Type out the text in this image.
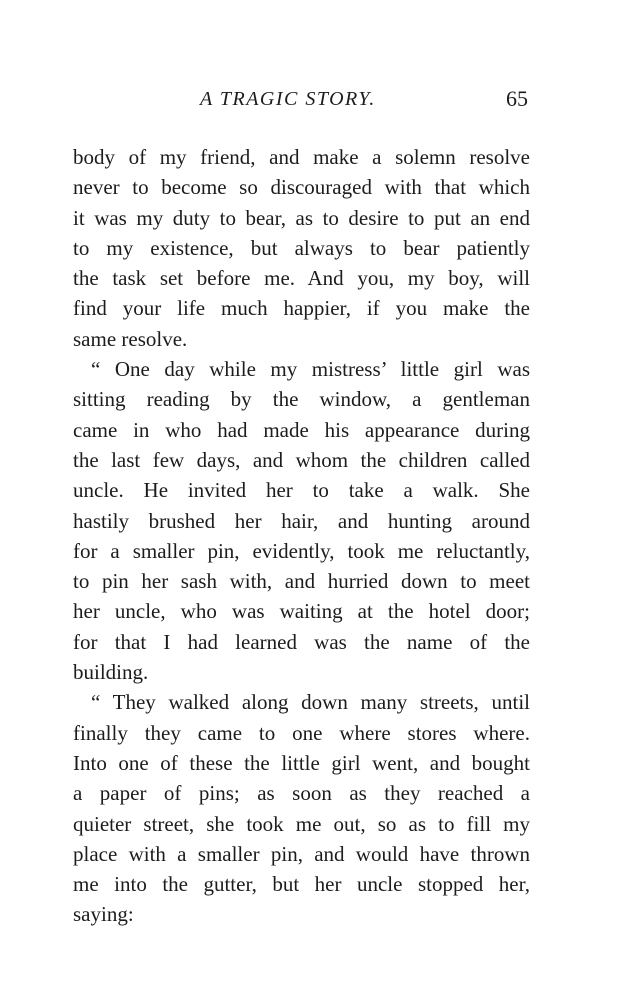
A TRAGIC STORY.	65
body of my friend, and make a solemn resolve
never to become so discouraged with that which
it was my duty to bear, as to desire to put an end
to my existence, but always to bear patiently
the task set before me. And you, my boy, will
find your life much happier, if you make the
same resolve.
“ One day while my mistress’ little girl was
sitting reading by the window, a gentleman
came in who had made his appearance during
the last few days, and whom the children called
uncle. He invited her to take a walk. She
hastily brushed her hair, and hunting around
for a smaller pin, evidently, took me reluctantly,
to pin her sash with, and hurried down to meet
her uncle, who was waiting at the hotel door;
for that I had learned was the name of the
building.
“ They walked along down many streets, until
finally they came to one where stores where.
Into one of these the little girl went, and bought
a paper of pins; as soon as they reached a
quieter street, she took me out, so as to fill my
place with a smaller pin, and would have thrown
me into the gutter, but her uncle stopped her,
saying:
